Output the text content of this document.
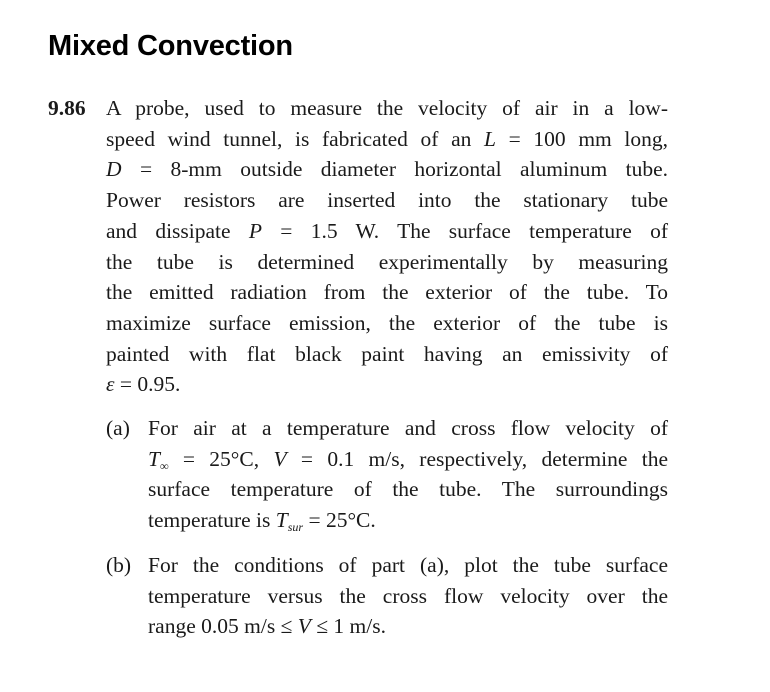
Mixed Convection
9.86 A probe, used to measure the velocity of air in a low-
speed wind tunnel, is fabricated of an L = 100 mm long,
D = 8-mm outside diameter horizontal aluminum tube.
Power resistors are inserted into the stationary tube
and dissipate P = 1.5 W. The surface temperature of
the tube is determined experimentally by measuring
the emitted radiation from the exterior of the tube. To
maximize surface emission, the exterior of the tube is
painted with flat black paint having an emissivity of
ε = 0.95.
(a) For air at a temperature and cross flow velocity of
$T_\infty = 25^\circ C$, V = 0.1 m/s, respectively, determine the
surface temperature of the tube. The surroundings
temperature is $T_{sur} = 25^\circ C$.
(b) For the conditions of part (a), plot the tube surface
temperature versus the cross flow velocity over the
range 0.05 m/s ≤ V ≤ 1 m/s.
